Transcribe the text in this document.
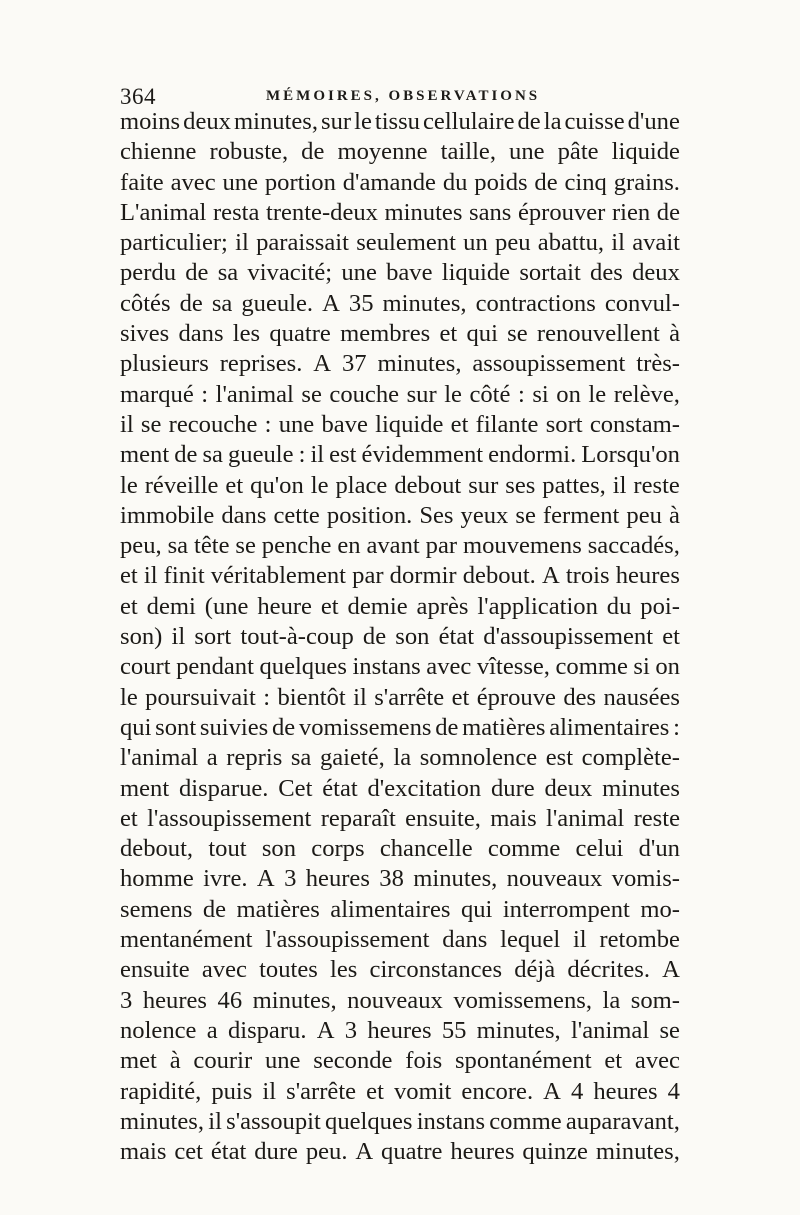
364	MÉMOIRES, OBSERVATIONS
moins deux minutes, sur le tissu cellulaire de la cuisse d'une
chienne robuste, de moyenne taille, une pâte liquide
faite avec une portion d'amande du poids de cinq grains.
L'animal resta trente-deux minutes sans éprouver rien de
particulier; il paraissait seulement un peu abattu, il avait
perdu de sa vivacité; une bave liquide sortait des deux
côtés de sa gueule. A 35 minutes, contractions convul-
sives dans les quatre membres et qui se renouvellent à
plusieurs reprises. A 37 minutes, assoupissement très-
marqué : l'animal se couche sur le côté : si on le relève,
il se recouche : une bave liquide et filante sort constam-
ment de sa gueule : il est évidemment endormi. Lorsqu'on
le réveille et qu'on le place debout sur ses pattes, il reste
immobile dans cette position. Ses yeux se ferment peu à
peu, sa tête se penche en avant par mouvemens saccadés,
et il finit véritablement par dormir debout. A trois heures
et demi (une heure et demie après l'application du poi-
son) il sort tout-à-coup de son état d'assoupissement et
court pendant quelques instans avec vîtesse, comme si on
le poursuivait : bientôt il s'arrête et éprouve des nausées
qui sont suivies de vomissemens de matières alimentaires :
l'animal a repris sa gaieté, la somnolence est complète-
ment disparue. Cet état d'excitation dure deux minutes
et l'assoupissement reparaît ensuite, mais l'animal reste
debout, tout son corps chancelle comme celui d'un
homme ivre. A 3 heures 38 minutes, nouveaux vomis-
semens de matières alimentaires qui interrompent mo-
mentanément l'assoupissement dans lequel il retombe
ensuite avec toutes les circonstances déjà décrites. A
3 heures 46 minutes, nouveaux vomissemens, la som-
nolence a disparu. A 3 heures 55 minutes, l'animal se
met à courir une seconde fois spontanément et avec
rapidité, puis il s'arrête et vomit encore. A 4 heures 4
minutes, il s'assoupit quelques instans comme auparavant,
mais cet état dure peu. A quatre heures quinze minutes,
